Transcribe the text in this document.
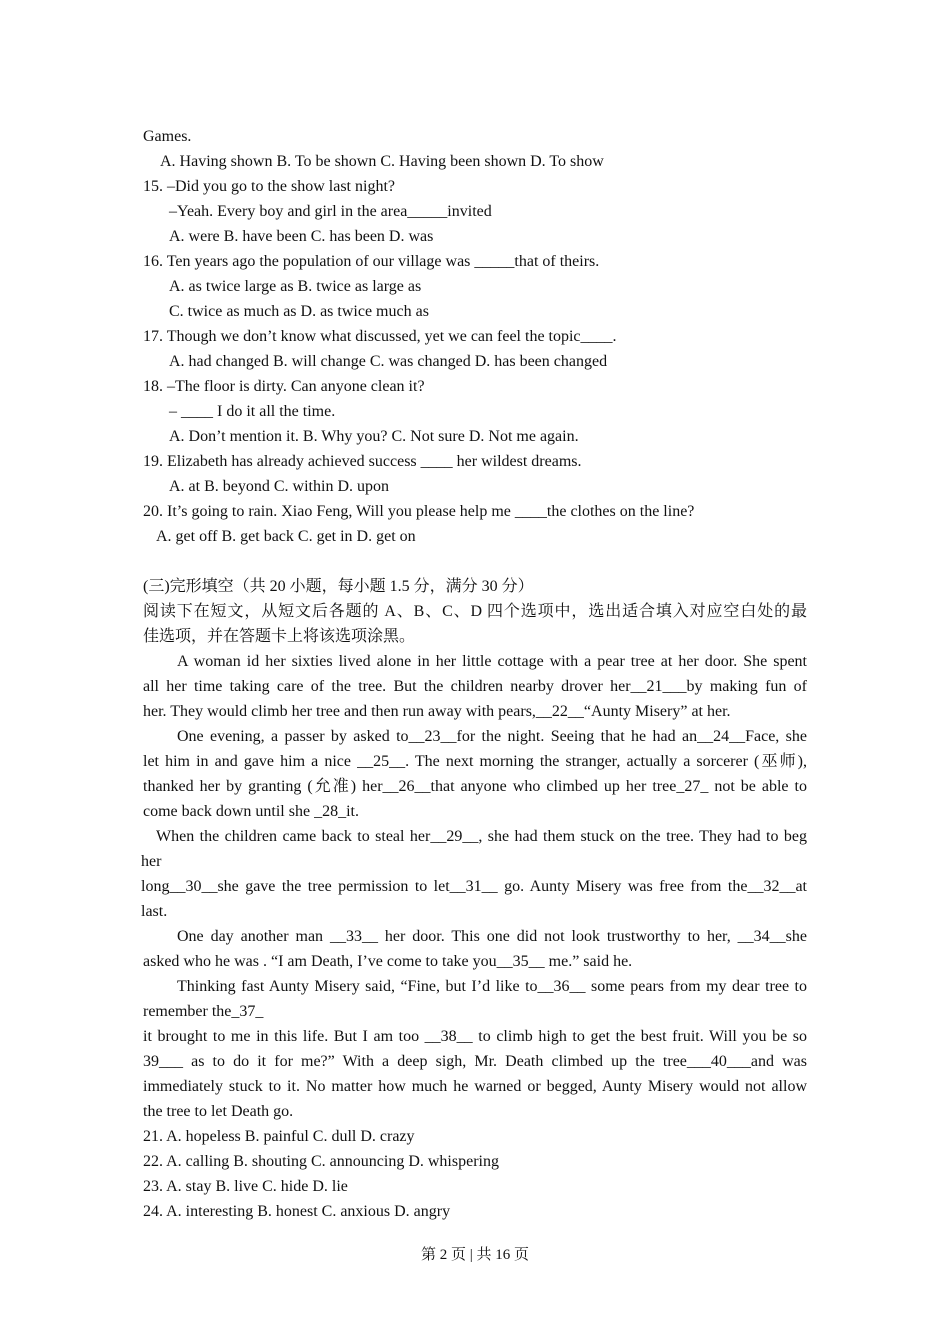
Games.
A. Having shown B. To be shown C. Having been shown D. To show
15. –Did you go to the show last night?
–Yeah. Every boy and girl in the area_____invited
A. were B. have been C. has been D. was
16. Ten years ago the population of our village was _____that of theirs.
A. as twice large as B. twice as large as
C. twice as much as D. as twice much as
17. Though we don’t know what discussed, yet we can feel the topic____.
A. had changed B. will change C. was changed D. has been changed
18. –The floor is dirty. Can anyone clean it?
– ____ I do it all the time.
A. Don’t mention it. B. Why you? C. Not sure D. Not me again.
19. Elizabeth has already achieved success ____ her wildest dreams.
A. at B. beyond C. within D. upon
20. It’s going to rain. Xiao Feng, Will you please help me ____the clothes on the line?
A. get off B. get back C. get in D. get on
(三)完形填空（共 20 小题，每小题 1.5 分，满分 30 分）
阅读下在短文，从短文后各题的 A、B、C、D 四个选项中，选出适合填入对应空白处的最
佳选项，并在答题卡上将该选项涂黑。
A woman id her sixties lived alone in her little cottage with a pear tree at her door. She spent
all her time taking care of the tree. But the children nearby drover her__21___by making fun of
her. They would climb her tree and then run away with pears,__22__“Aunty Misery” at her.
One evening, a passer by asked to__23__for the night. Seeing that he had an__24__Face, she
let him in and gave him a nice __25__. The next morning the stranger, actually a sorcerer (巫师),
thanked her by granting (允准) her__26__that anyone who climbed up her tree_27_ not be able to
come back down until she _28_it.
When the children came back to steal her__29__, she had them stuck on the tree. They had to beg
her
long__30__she gave the tree permission to let__31__ go. Aunty Misery was free from the__32__at
last.
One day another man __33__ her door. This one did not look trustworthy to her, __34__she
asked who he was . “I am Death, I’ve come to take you__35__ me.” said he.
Thinking fast Aunty Misery said, “Fine, but I’d like to__36__ some pears from my dear tree to
remember the_37_
it brought to me in this life. But I am too __38__ to climb high to get the best fruit. Will you be so
39___ as to do it for me?” With a deep sigh, Mr. Death climbed up the tree___40___and was
immediately stuck to it. No matter how much he warned or begged, Aunty Misery would not allow
the tree to let Death go.
21. A. hopeless B. painful C. dull D. crazy
22. A. calling B. shouting C. announcing D. whispering
23. A. stay B. live C. hide D. lie
24. A. interesting B. honest C. anxious D. angry
第 2 页 | 共 16 页
